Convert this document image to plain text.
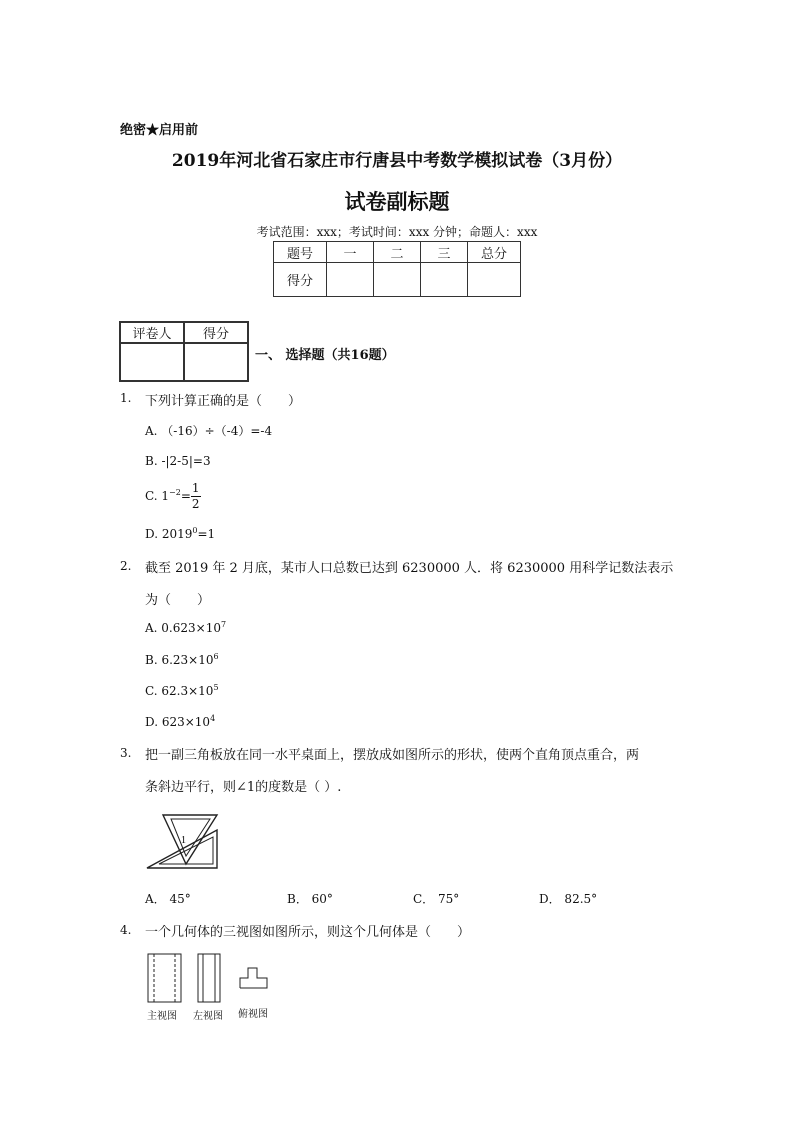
绝密★启用前
2019年河北省石家庄市行唐县中考数学模拟试卷（3月份）
试卷副标题
考试范围：xxx；考试时间：xxx 分钟；命题人：xxx
题号	一	二	三	总分
得分				
评卷人	得分

一、 选择题（共16题）
1. 下列计算正确的是（　　）
A. （-16）÷（-4）=-4
B. -|2-5|=3
C. $1^{-2}= \frac{1}{2}$
D. $2019^0=1$
2. 截至 2019 年 2 月底，某市人口总数已达到 6230000 人．将 6230000 用科学记数法表示
为（　　）
A. $0.623\times 10^7$
B. $6.23\times 10^6$
C. $62.3\times 10^5$
D. $623\times 10^4$
3. 把一副三角板放在同一水平桌面上，摆放成如图所示的形状，使两个直角顶点重合，两
条斜边平行，则∠1的度数是（ ）.
1
A． 45°	B． 60°	C． 75°	D． 82.5°
4. 一个几何体的三视图如图所示，则这个几何体是（　　）
主视图 左视图 俯视图
